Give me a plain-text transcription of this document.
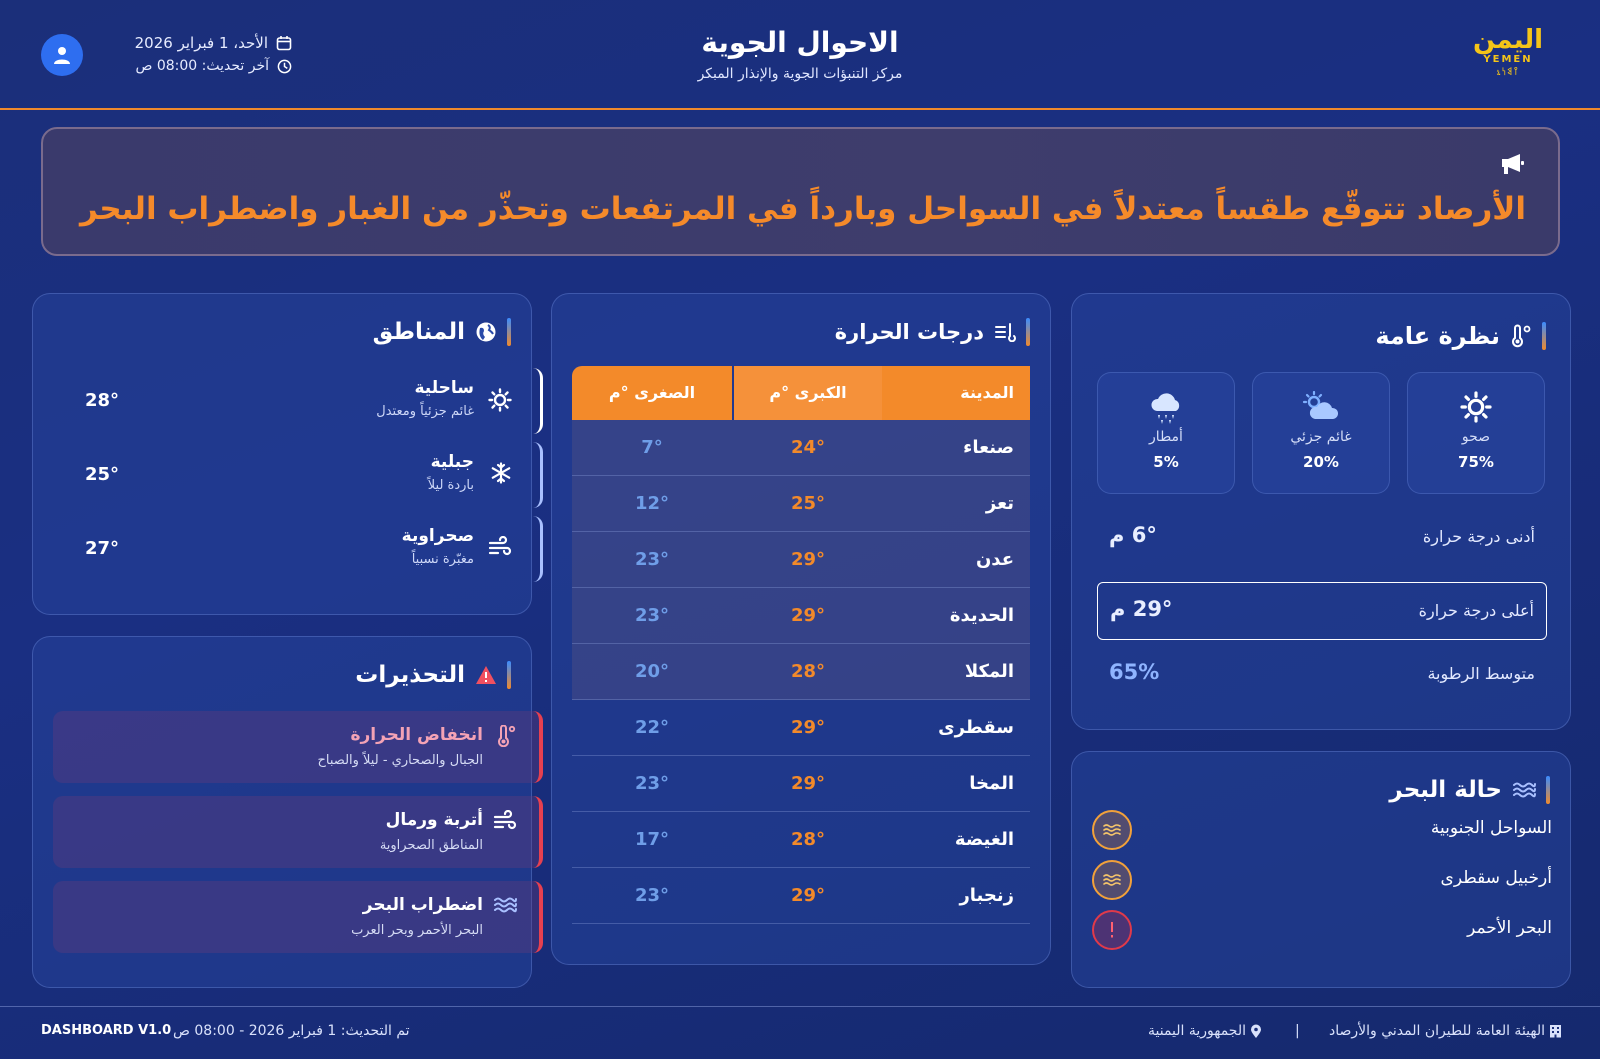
الأحد، 1 فبراير 2026
آخر تحديث: 08:00 ص
الاحوال الجوية
مركز التنبؤات الجوية والإنذار المبكر
اليمن
YEMEN
ኒ𐩺𐩣𐩬
الأرصاد تتوقّع طقساً معتدلاً في السواحل وبارداً في المرتفعات وتحذّر من الغبار واضطراب البحر
المناطق
ساحلية
غائم جزئياً ومعتدل
28°
جبلية
باردة ليلاً
25°
صحراوية
مغبّرة نسبياً
27°
التحذيرات
انخفاض الحرارة
الجبال والصحاري - ليلاً والصباح
أتربة ورمال
المناطق الصحراوية
اضطراب البحر
البحر الأحمر وبحر العرب
درجات الحرارة
المدينة
الكبرى °م
الصغرى °م
صنعاء
24°
7°
تعز
25°
12°
عدن
29°
23°
الحديدة
29°
23°
المكلا
28°
20°
سقطرى
29°
22°
المخا
29°
23°
الغيضة
28°
17°
زنجبار
29°
23°
نظرة عامة
صحو
75%
غائم جزئي
20%
أمطار
5%
أدنى درجة حرارة
6° م
أعلى درجة حرارة
29° م
متوسط الرطوبة
65%
حالة البحر
السواحل الجنوبية
أرخبيل سقطرى
البحر الأحمر
DASHBOARD V1.0 تم التحديث: 1 فبراير 2026 - 08:00 ص	الهيئة العامة للطيران المدني والأرصاد
|
الجمهورية اليمنية
